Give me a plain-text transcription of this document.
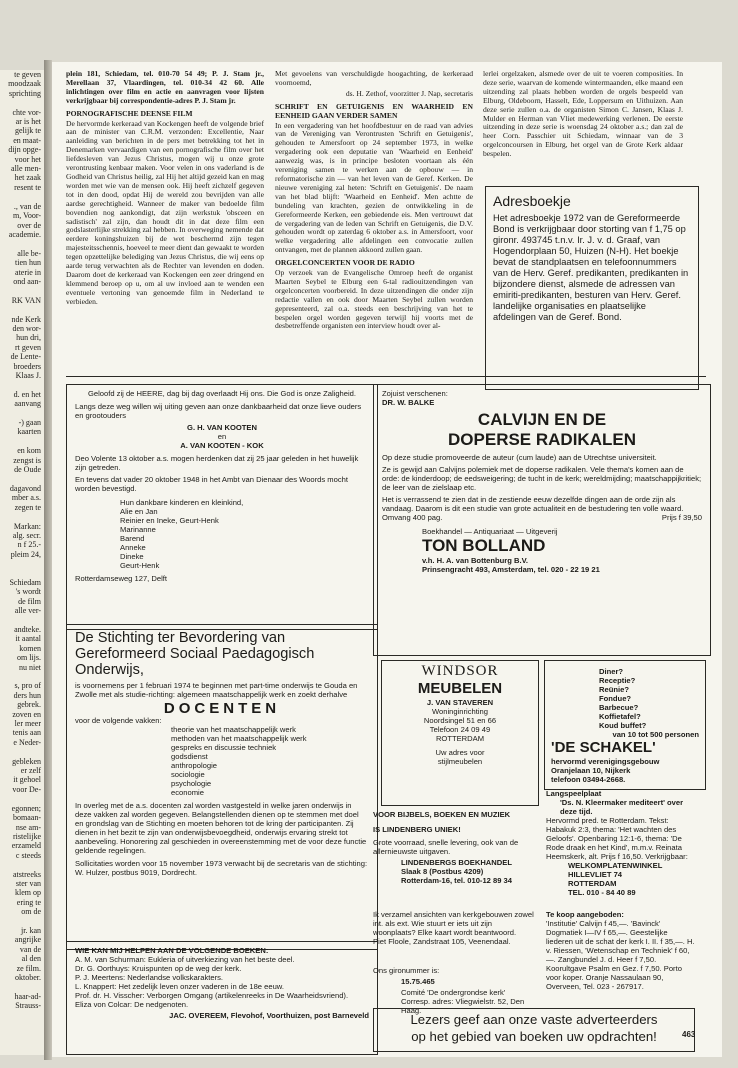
te geven
moodzaak
sprichting

chte vor-
ar is het
gelijk te
en maat-
dijn opge-
voor het
alle men-
het zaak
resent te

., van de
m, Voor-
over de
academie.

alle be-
tien hun
aterie in
ond aan-

RK VAN

nde Kerk
den wor-
hun dri,
rt geven
de Lente-
broeders
Klaas J.

d. en het
aanvang

-) gaan
kaarten

en kom
zengst is
de Oude

dagavond
mber a.s.
zegen te

Markan:
alg. secr.
n f 25.-
pleim 24,

Schiedam
's wordt
de film
alle ver-

andteke.
it aantal
komen
om lijs.
nu niet

s, pro of
ders hun
gebrek.
zoven en
ler meer
tenis aan
e Neder-

gebleken
er zelf
it gehoel
voor De-

egonnen;
bomaan-
nse am-
ristelijke
erzameld
c steeds

atstreeks
ster van
klem op
ering te
om de

jr. kan
angrijke
van de
al den
ze film.
oktober.

haar-ad-
Strauss-

plein 181, Schiedam, tel. 010-70 54 49; P. J. Stam jr., Merellaan 37, Vlaardingen, tel. 010-34 42 60. Alle inlichtingen over film en actie en aanvragen voor lijsten verkrijgbaar bij correspondentie-adres P. J. Stam jr.

PORNOGRAFISCHE DEENSE FILM

De hervormde kerkeraad van Kockengen heeft de volgende brief aan de minister van C.R.M. verzonden: Excellentie, Naar aanleiding van berichten in de pers met betrekking tot het in Denemarken vervaardigen van een pornografische film over het liefdesleven van Jezus Christus, mogen wij u onze grote verontrusting kenbaar maken. Voor velen in ons vaderland is de Godheid van Christus heilig, zal Hij het altijd gezeid kan en mag worden met wie van de mensen ook. Hij heeft zichzelf gegeven tot in den dood, opdat Hij de wereld zou bevrijden van alle aardse gerechtigheid. Wanneer de maker van bedoelde film bovendien nog aankondigt, dat zijn werkstuk 'obsceen en sadistisch' zal zijn, dan houdt dit in dat deze film een godslasterlijke strekking zal hebben. In overweging nemende dat eerdere koningshuizen bij de wet beschermd zijn tegen majesteitsschennis, hoeveel te meer dient dan gewaakt te worden tegen opzettelijke belediging van Jezus Christus, die wij eens op aarde terug verwachten als de Rechter van levenden en doden. Daarom doet de kerkeraad van Kockengen een zeer dringend en klemmend beroep op u, om al uw invloed aan te wenden een eventuele vertoning van genoemde film in Nederland te verbieden.

Met gevoelens van verschuldigde hoogachting, de kerkeraad voornoemd,

ds. H. Zethof, voorzitter J. Nap, secretaris

SCHRIFT EN GETUIGENIS EN WAARHEID EN EENHEID GAAN VERDER SAMEN

In een vergadering van het hoofdbestuur en de raad van advies van de Vereniging van Verontrusten 'Schrift en Getuigenis', gehouden te Amersfoort op 24 september 1973, in welke vergadering ook een deputatie van 'Waarheid en Eenheid' aanwezig was, is in principe besloten voortaan als één vereniging samen te werken aan de opbouw — in reformatorische zin — van het leven van de Geref. Kerken. De nieuwe vereniging zal heten: 'Schrift en Getuigenis'. De naam van het blad blijft: 'Waarheid en Eenheid'. Men achtte de bundeling van krachten, gezien de ontwikkeling in de Gereformeerde Kerken, een gebiedende eis. Men vertrouwt dat de vergadering van de leden van Schrift en Getuigenis, die D.V. gehouden wordt op zaterdag 6 oktober a.s. in Amersfoort, voor welke vergadering alle afdelingen een convocatie zullen ontvangen, met de plannen akkoord zullen gaan.

ORGELCONCERTEN VOOR DE RADIO

Op verzoek van de Evangelische Omroep heeft de organist Maarten Seybel te Elburg een 6-tal radiouitzendingen van orgelconcerten voorbereid. In deze uitzendingen die onder zijn redactie vallen en ook door Maarten Seybel zullen worden gepresenteerd, zal o.a. steeds een beschrijving van het te bespelen orgel worden gegeven terwijl hij voorts met de desbetreffende organisten een interview houdt over al-

lerlei orgelzaken, alsmede over de uit te voeren composities. In deze serie, waarvan de komende wintermaanden, elke maand een uitzending zal plaats hebben worden de orgels bespeeld van Elburg, Oldeboorn, Hasselt, Ede, Loppersum en Uithuizen. Aan deze serie zullen o.a. de organisten Simon C. Jansen, Klaas J. Mulder en Herman van Vliet medewerking verlenen. De eerste uitzending in deze serie is woensdag 24 oktober a.s.; dan zal de heer Corn. Passchier uit Schiedam, winnaar van de 3 orgelconcoursen in Elburg, het orgel van de Grote Kerk aldaar bespelen.

Adresboekje
Het adresboekje 1972 van de Gereformeerde Bond is verkrijgbaar door storting van f 1,75 op gironr. 493745 t.n.v. Ir. J. v. d. Graaf, van Hogendorplaan 50, Huizen (N-H). Het boekje bevat de standplaatsen en telefoonnummers van de Herv. Geref. predikanten, predikanten in bijzondere dienst, alsmede de adressen van emiriti-predikanten, besturen van Herv. Geref. landelijke organisaties en plaatselijke afdelingen van de Geref. Bond.
Geloofd zij de HEERE, dag bij dag overlaadt Hij ons. Die God is onze Zaligheid.
Langs deze weg willen wij uiting geven aan onze dankbaarheid dat onze lieve ouders en grootouders
G. H. VAN KOOTEN
en
A. VAN KOOTEN - KOK
Deo Volente 13 oktober a.s. mogen herdenken dat zij 25 jaar geleden in het huwelijk zijn getreden.
En tevens dat vader 20 oktober 1948 in het Ambt van Dienaar des Woords mocht worden bevestigd.
Hun dankbare kinderen en kleinkind,
Alie en Jan
Reinier en Ineke, Geurt-Henk
Marinanne
Barend
Anneke
Dineke
Geurt-Henk
Rotterdamseweg 127, Delft
De Stichting ter Bevordering van Gereformeerd Sociaal Paedagogisch Onderwijs,
is voornemens per 1 februari 1974 te beginnen met part-time onderwijs te Gouda en Zwolle met als studie-richting: algemeen maatschappelijk werk en zoekt derhalve
DOCENTEN
voor de volgende vakken:
theorie van het maatschappelijk werk
methoden van het maatschappelijk werk
gespreks en discussie techniek
godsdienst
anthropologie
sociologie
psychologie
economie
In overleg met de a.s. docenten zal worden vastgesteld in welke jaren onderwijs in deze vakken zal worden gegeven. Belangstellenden dienen op te stemmen met doel en grondslag van de Stichting en moeten behoren tot de kring der participanten. Zij dienen in het bezit te zijn van onderwijsbevoegdheid, onderwijs ervaring strekt tot aanbeveling. Honorering zal geschieden in overeenstemming met de voor deze functie geldende regelingen.
Sollicitaties worden voor 15 november 1973 verwacht bij de secretaris van de stichting: W. Hulzer, postbus 9019, Dordrecht.
WIE KAN MIJ HELPEN AAN DE VOLGENDE BOEKEN:
A. M. van Schurman: Eukleria of uitverkiezing van het beste deel.
Dr. G. Oorthuys: Kruispunten op de weg der kerk.
P. J. Meertens: Nederlandse volkskarakters.
L. Knappert: Het zedelijk leven onzer vaderen in de 18e eeuw.
Prof. dr. H. Visscher: Verborgen Omgang (artikelenreeks in De Waarheidsvriend).
Eliza von Colcar: De nedgenoten.
JAC. OVEREEM, Flevohof, Voorthuizen, post Barneveld
Zojuist verschenen:
DR. W. BALKE
CALVIJN EN DE
DOPERSE RADIKALEN
Op deze studie promoveerde de auteur (cum laude) aan de Utrechtse universiteit.
Ze is gewijd aan Calvijns polemiek met de doperse radikalen. Vele thema's komen aan de orde: de kinderdoop; de eedsweigering; de tucht in de kerk; wereldmijding; maatschappijkritiek; de leer van de zielslaap etc.
Het is verrassend te zien dat in de zestiende eeuw dezelfde dingen aan de orde zijn als vandaag. Daarom is dit een studie van grote actualiteit en de bestudering ten volle waard.
Omvang 400 pag.	Prijs f 39,50
Boekhandel — Antiquariaat — Uitgeverij
TON BOLLAND
v.h. H. A. van Bottenburg B.V.
Prinsengracht 493, Amsterdam, tel. 020 - 22 19 21
WINDSOR
MEUBELEN
J. VAN STAVEREN
Woninginrichting
Noordsingel 51 en 66
Telefoon 24 09 49
ROTTERDAM
Uw adres voor
stijlmeubelen
Diner?
Receptie?
Reünie?
Fondue?
Barbecue?
Koffietafel?
Koud buffet?
van 10 tot 500 personen
'DE SCHAKEL'
hervormd verenigingsgebouw
Oranjelaan 10, Nijkerk
telefoon 03494-2668.
VOOR BIJBELS, BOEKEN EN MUZIEK
IS LINDENBERG UNIEK!
Grote voorraad, snelle levering, ook van de allernieuwste uitgaven.
LINDENBERGS BOEKHANDEL
Slaak 8 (Postbus 4209)
Rotterdam-16, tel. 010-12 89 34
Ik verzamel ansichten van kerkgebouwen zowel int. als ext. Wie stuurt er iets uit zijn woonplaats? Elke kaart wordt beantwoord.
Piet Floole, Zandstraat 105, Veenendaal.
Ons gironummer is:
15.75.465
Comité 'De ondergrondse kerk'
Corresp. adres: Vliegwielstr. 52, Den Haag.
Langspeelplaat
'Ds. N. Kleermaker mediteert' over deze tijd.
Hervormd pred. te Rotterdam. Tekst: Habakuk 2:3, thema: 'Het wachten des Geloofs'. Openbaring 12:1-6, thema: 'De Rode draak en het Kind', m.m.v. Reinata Heemskerk, alt. Prijs f 16,50. Verkrijgbaar:
WELKOMPLATENWINKEL
HILLEVLIET 74
ROTTERDAM
TEL. 010 - 84 40 89
Te koop aangeboden:
'Institutie' Calvijn f 45,—. 'Bavinck' Dogmatiek I—IV f 65,—. Geestelijke liederen uit de schat der kerk I. II. f 35,—. H. v. Riessen, 'Wetenschap en Techniek' f 60,—. Zangbundel J. d. Heer f 7,50. Koorultgave Psalm en Gez. f 7,50. Porto voor koper. Oranje Nassaulaan 90, Overveen, Tel. 023 - 267917.
Lezers geef aan onze vaste adverteerders
op het gebied van boeken uw opdrachten!	463
